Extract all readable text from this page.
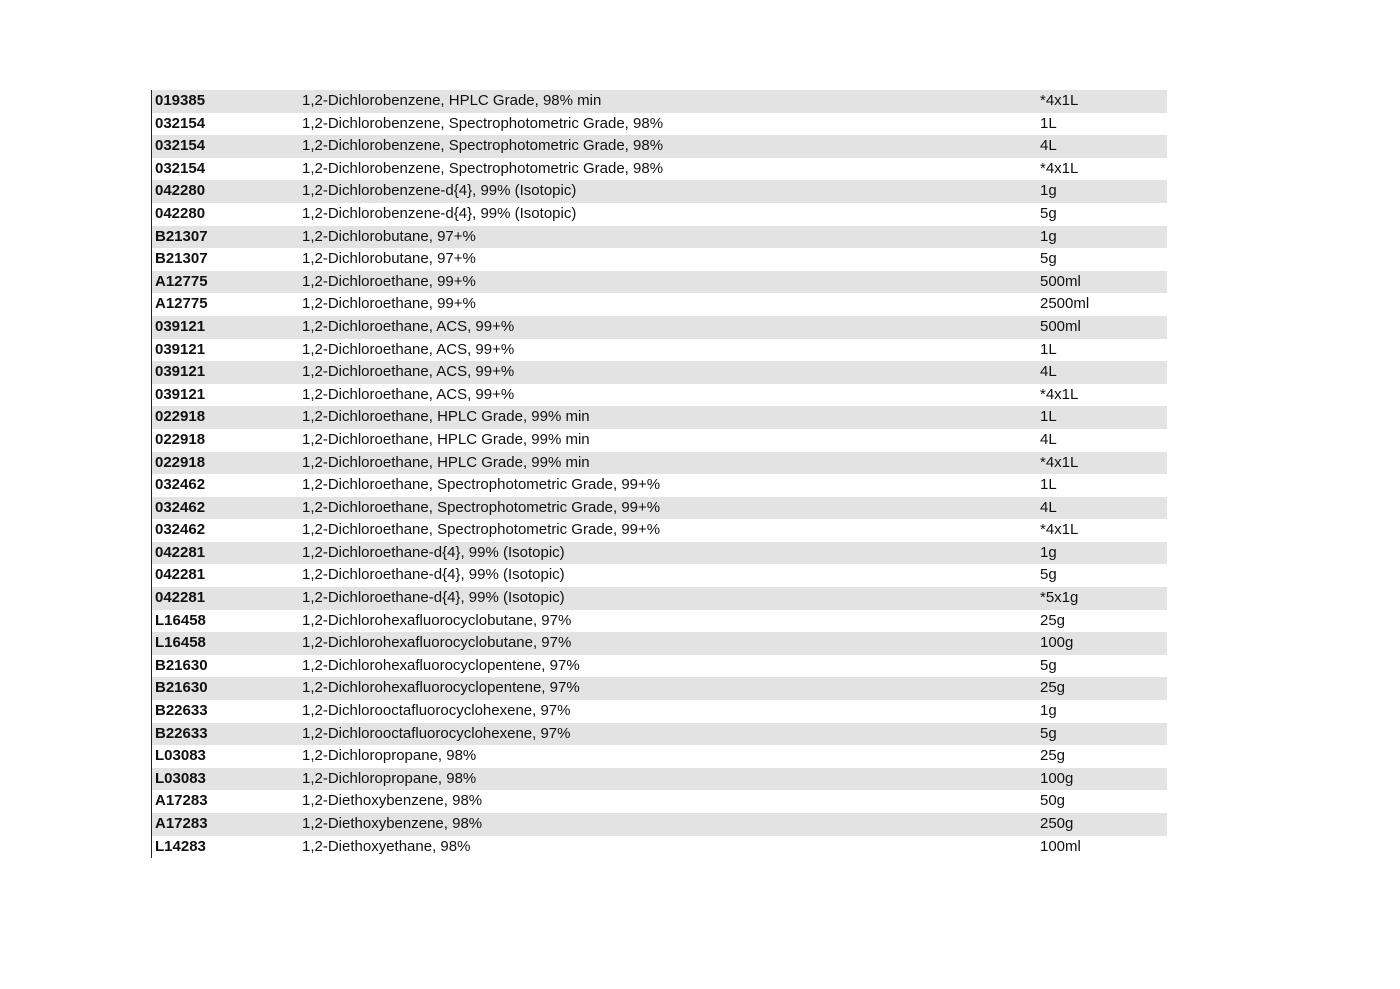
019385	1,2-Dichlorobenzene, HPLC Grade, 98% min	*4x1L
032154	1,2-Dichlorobenzene, Spectrophotometric Grade, 98%	1L
032154	1,2-Dichlorobenzene, Spectrophotometric Grade, 98%	4L
032154	1,2-Dichlorobenzene, Spectrophotometric Grade, 98%	*4x1L
042280	1,2-Dichlorobenzene-d{4}, 99% (Isotopic)	1g
042280	1,2-Dichlorobenzene-d{4}, 99% (Isotopic)	5g
B21307	1,2-Dichlorobutane, 97+%	1g
B21307	1,2-Dichlorobutane, 97+%	5g
A12775	1,2-Dichloroethane, 99+%	500ml
A12775	1,2-Dichloroethane, 99+%	2500ml
039121	1,2-Dichloroethane, ACS, 99+%	500ml
039121	1,2-Dichloroethane, ACS, 99+%	1L
039121	1,2-Dichloroethane, ACS, 99+%	4L
039121	1,2-Dichloroethane, ACS, 99+%	*4x1L
022918	1,2-Dichloroethane, HPLC Grade, 99% min	1L
022918	1,2-Dichloroethane, HPLC Grade, 99% min	4L
022918	1,2-Dichloroethane, HPLC Grade, 99% min	*4x1L
032462	1,2-Dichloroethane, Spectrophotometric Grade, 99+%	1L
032462	1,2-Dichloroethane, Spectrophotometric Grade, 99+%	4L
032462	1,2-Dichloroethane, Spectrophotometric Grade, 99+%	*4x1L
042281	1,2-Dichloroethane-d{4}, 99% (Isotopic)	1g
042281	1,2-Dichloroethane-d{4}, 99% (Isotopic)	5g
042281	1,2-Dichloroethane-d{4}, 99% (Isotopic)	*5x1g
L16458	1,2-Dichlorohexafluorocyclobutane, 97%	25g
L16458	1,2-Dichlorohexafluorocyclobutane, 97%	100g
B21630	1,2-Dichlorohexafluorocyclopentene, 97%	5g
B21630	1,2-Dichlorohexafluorocyclopentene, 97%	25g
B22633	1,2-Dichlorooctafluorocyclohexene, 97%	1g
B22633	1,2-Dichlorooctafluorocyclohexene, 97%	5g
L03083	1,2-Dichloropropane, 98%	25g
L03083	1,2-Dichloropropane, 98%	100g
A17283	1,2-Diethoxybenzene, 98%	50g
A17283	1,2-Diethoxybenzene, 98%	250g
L14283	1,2-Diethoxyethane, 98%	100ml
